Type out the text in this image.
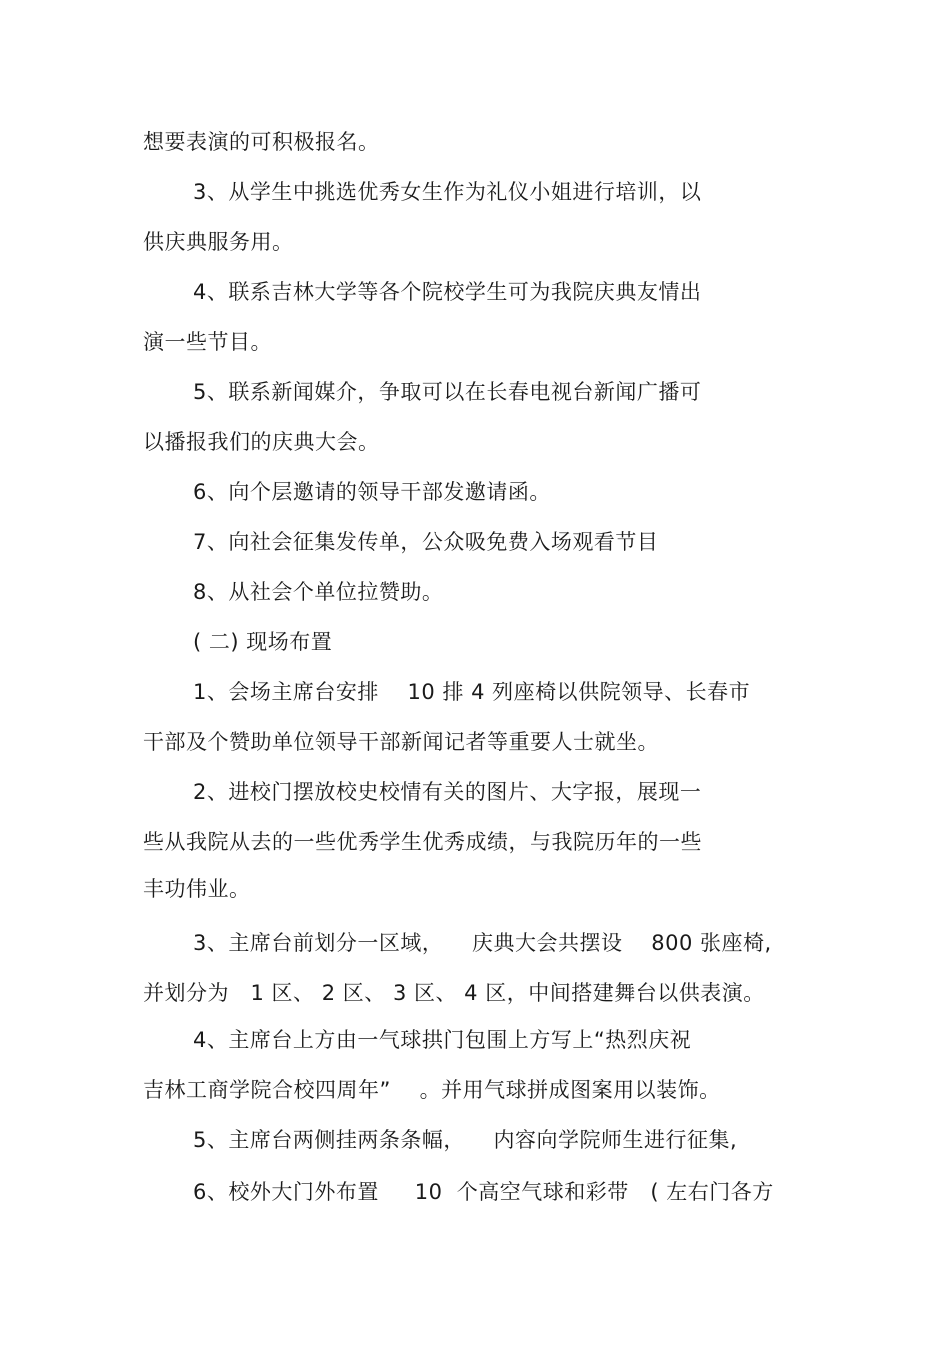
想要表演的可积极报名。
3、从学生中挑选优秀女生作为礼仪小姐进行培训，以
供庆典服务用。
4、联系吉林大学等各个院校学生可为我院庆典友情出
演一些节目。
5、联系新闻媒介，争取可以在长春电视台新闻广播可
以播报我们的庆典大会。
6、向个层邀请的领导干部发邀请函。
7、向社会征集发传单，公众吸免费入场观看节目
8、从社会个单位拉赞助。
( 二) 现场布置
1、会场主席台安排    10 排 4 列座椅以供院领导、长春市
干部及个赞助单位领导干部新闻记者等重要人士就坐。
2、进校门摆放校史校情有关的图片、大字报，展现一
些从我院从去的一些优秀学生优秀成绩，与我院历年的一些
丰功伟业。
3、主席台前划分一区域，    庆典大会共摆设    800 张座椅,
并划分为   1 区、 2 区、 3 区、 4 区，中间搭建舞台以供表演。
4、主席台上方由一气球拱门包围上方写上“热烈庆祝
吉林工商学院合校四周年”    。并用气球拼成图案用以装饰。
5、主席台两侧挂两条条幅，    内容向学院师生进行征集,
6、校外大门外布置     10  个高空气球和彩带   ( 左右门各方
